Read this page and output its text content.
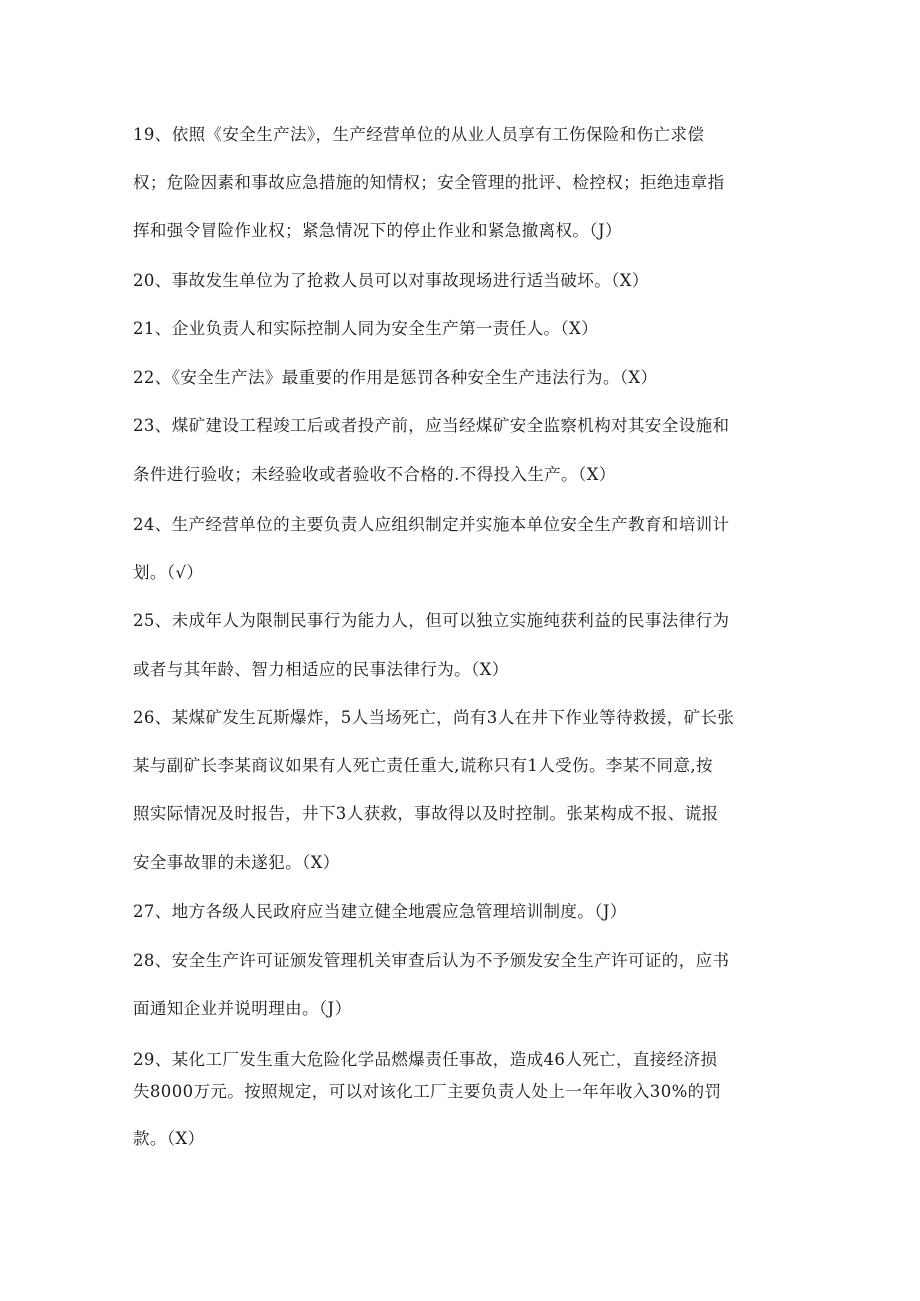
19、依照《安全生产法》，生产经营单位的从业人员享有工伤保险和伤亡求偿
权；危险因素和事故应急措施的知情权；安全管理的批评、检控权；拒绝违章指
挥和强令冒险作业权；紧急情况下的停止作业和紧急撤离权。（J）
20、事故发生单位为了抢救人员可以对事故现场进行适当破坏。（X）
21、企业负责人和实际控制人同为安全生产第一责任人。（X）
22、《安全生产法》最重要的作用是惩罚各种安全生产违法行为。（X）
23、煤矿建设工程竣工后或者投产前，应当经煤矿安全监察机构对其安全设施和
条件进行验收；未经验收或者验收不合格的.不得投入生产。（X）
24、生产经营单位的主要负责人应组织制定并实施本单位安全生产教育和培训计
划。（√）
25、未成年人为限制民事行为能力人，但可以独立实施纯获利益的民事法律行为
或者与其年龄、智力相适应的民事法律行为。（X）
26、某煤矿发生瓦斯爆炸，5人当场死亡，尚有3人在井下作业等待救援，矿长张
某与副矿长李某商议如果有人死亡责任重大,谎称只有1人受伤。李某不同意,按
照实际情况及时报告，井下3人获救，事故得以及时控制。张某构成不报、谎报
安全事故罪的未遂犯。（X）
27、地方各级人民政府应当建立健全地震应急管理培训制度。（J）
28、安全生产许可证颁发管理机关审查后认为不予颁发安全生产许可证的，应书
面通知企业并说明理由。（J）
29、某化工厂发生重大危险化学品燃爆责任事故，造成46人死亡，直接经济损
失8000万元。按照规定，可以对该化工厂主要负责人处上一年年收入30%的罚
款。（X）
